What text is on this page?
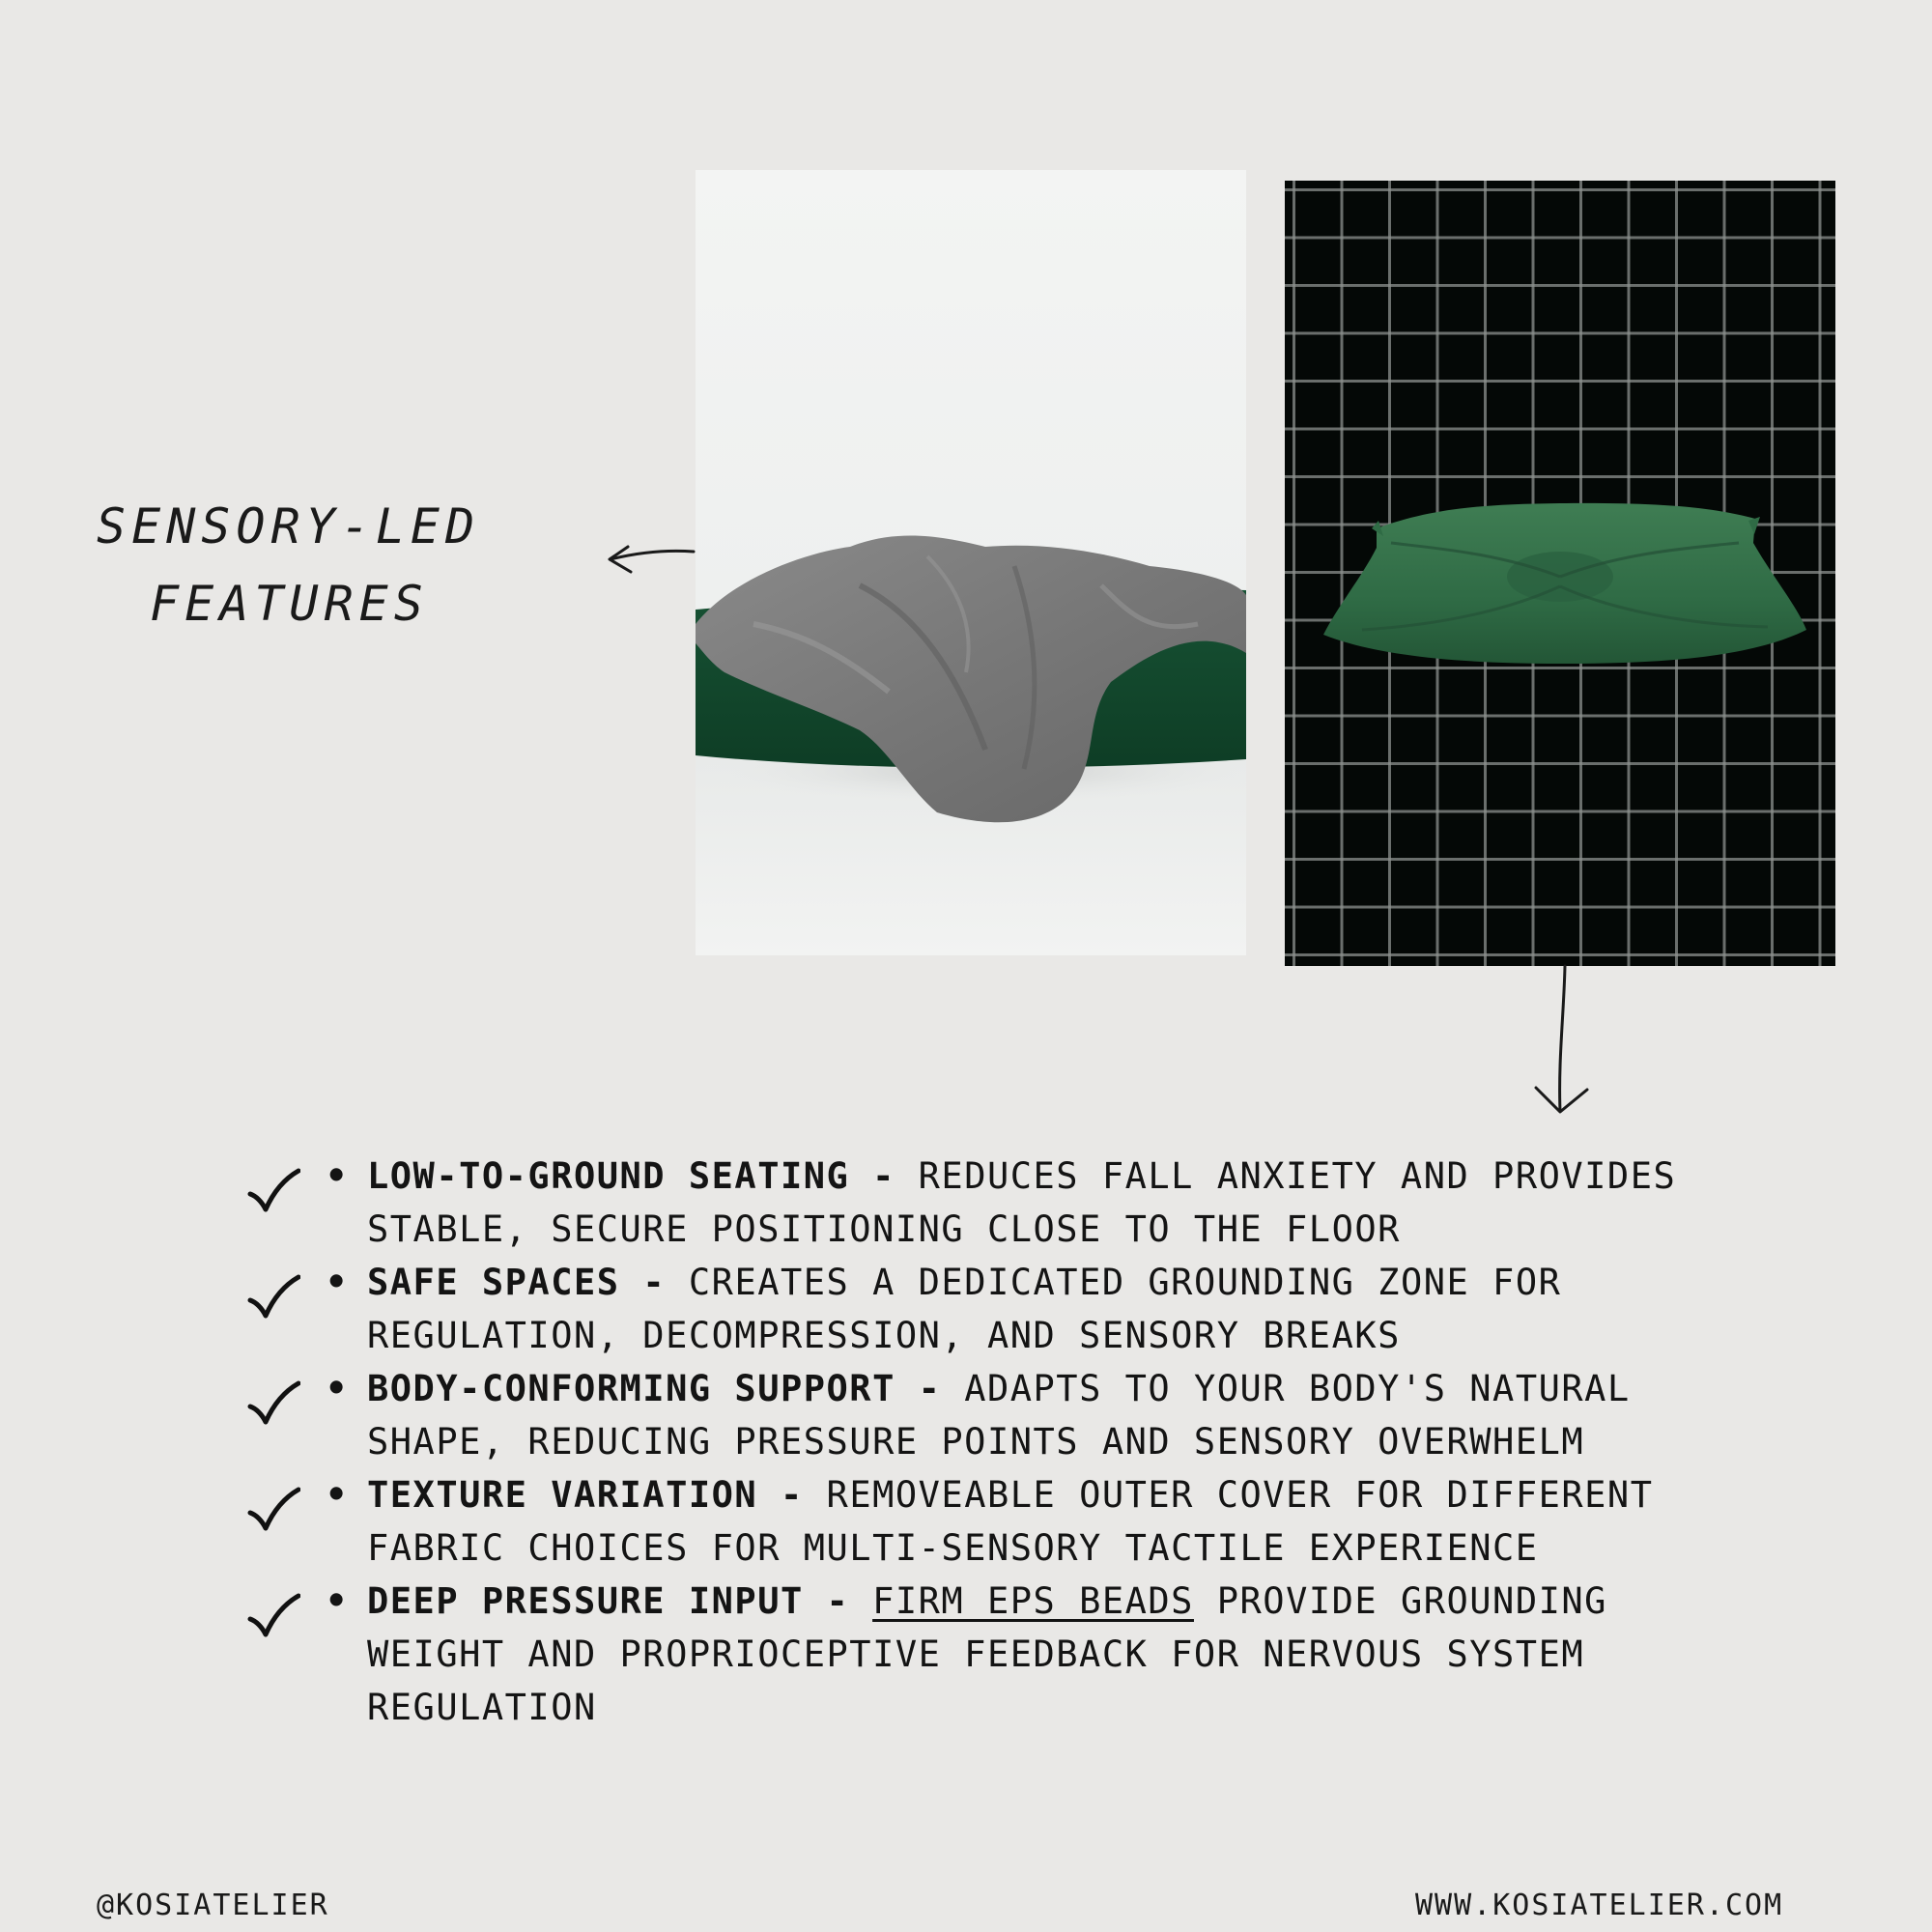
SENSORY-LED
FEATURES
• LOW-TO-GROUND SEATING - REDUCES FALL ANXIETY AND PROVIDES STABLE, SECURE POSITIONING CLOSE TO THE FLOOR
• SAFE SPACES - CREATES A DEDICATED GROUNDING ZONE FOR REGULATION, DECOMPRESSION, AND SENSORY BREAKS
• BODY-CONFORMING SUPPORT - ADAPTS TO YOUR BODY'S NATURAL SHAPE, REDUCING PRESSURE POINTS AND SENSORY OVERWHELM
• TEXTURE VARIATION - REMOVEABLE OUTER COVER FOR DIFFERENT FABRIC CHOICES FOR MULTI-SENSORY TACTILE EXPERIENCE
• DEEP PRESSURE INPUT - FIRM EPS BEADS PROVIDE GROUNDING WEIGHT AND PROPRIOCEPTIVE FEEDBACK FOR NERVOUS SYSTEM REGULATION
@KOSIATELIER	WWW.KOSIATELIER.COM
